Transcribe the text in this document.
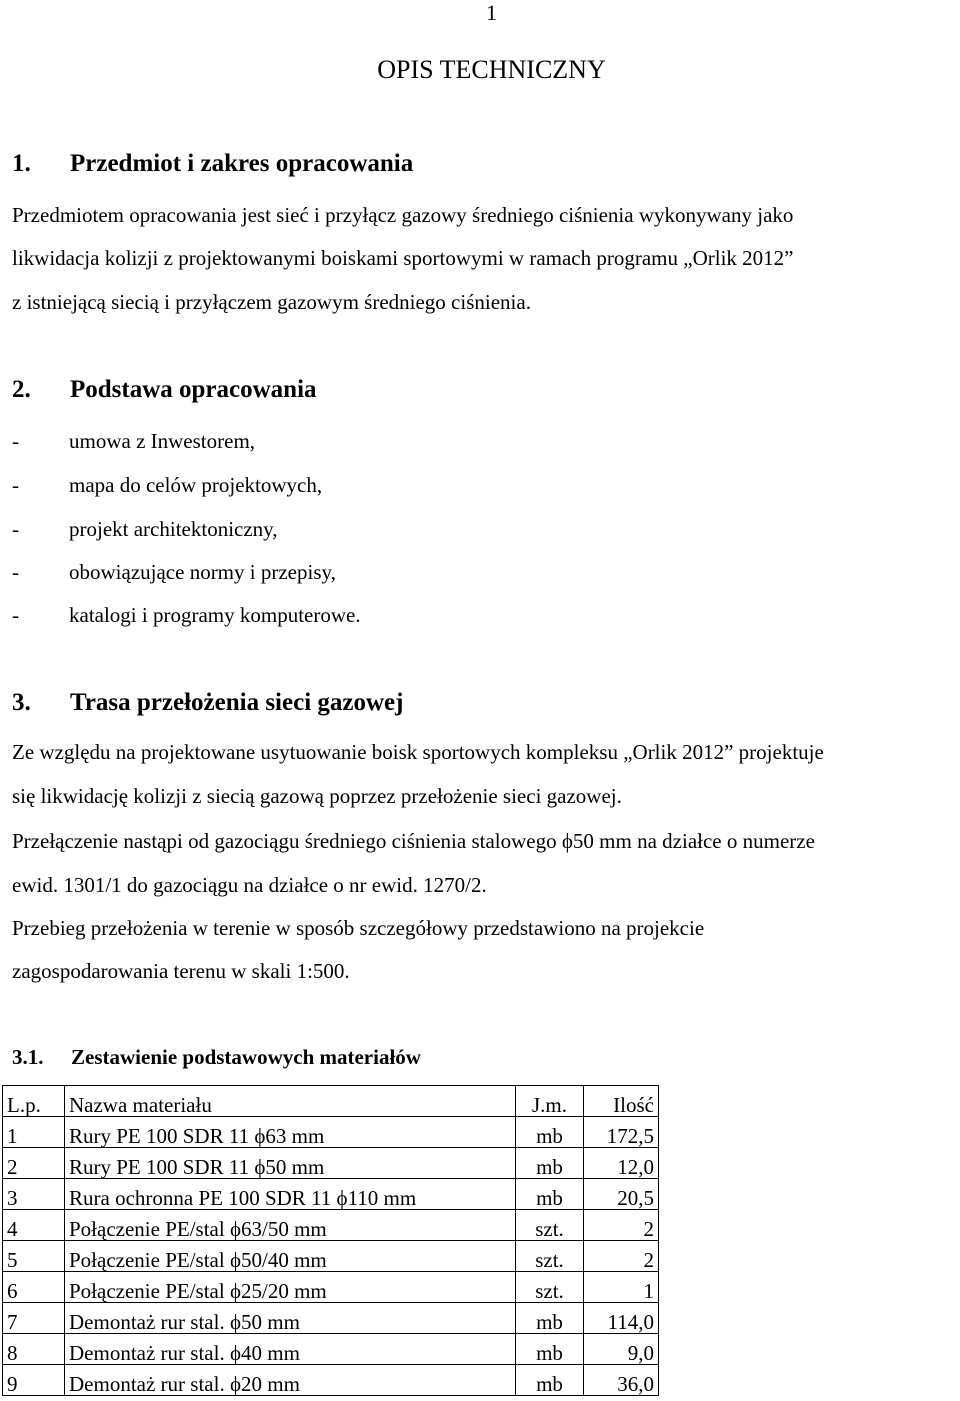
1
OPIS TECHNICZNY
1. Przedmiot i zakres opracowania
Przedmiotem opracowania jest sieć i przyłącz gazowy średniego ciśnienia wykonywany jako
likwidacja kolizji z projektowanymi boiskami sportowymi w ramach programu „Orlik 2012”
z istniejącą siecią i przyłączem gazowym średniego ciśnienia.
2. Podstawa opracowania
- umowa z Inwestorem,
- mapa do celów projektowych,
- projekt architektoniczny,
- obowiązujące normy i przepisy,
- katalogi i programy komputerowe.
3. Trasa przełożenia sieci gazowej
Ze względu na projektowane usytuowanie boisk sportowych kompleksu „Orlik 2012” projektuje
się likwidację kolizji z siecią gazową poprzez przełożenie sieci gazowej.
Przełączenie nastąpi od gazociągu średniego ciśnienia stalowego ϕ50 mm na działce o numerze
ewid. 1301/1 do gazociągu na działce o nr ewid. 1270/2.
Przebieg przełożenia w terenie w sposób szczegółowy przedstawiono na projekcie
zagospodarowania terenu w skali 1:500.
3.1. Zestawienie podstawowych materiałów
L.p.	Nazwa materiału	J.m.	Ilość
1	Rury PE 100 SDR 11 ϕ63 mm	mb	172,5
2	Rury PE 100 SDR 11 ϕ50 mm	mb	12,0
3	Rura ochronna PE 100 SDR 11 ϕ110 mm	mb	20,5
4	Połączenie PE/stal ϕ63/50 mm	szt.	2
5	Połączenie PE/stal ϕ50/40 mm	szt.	2
6	Połączenie PE/stal ϕ25/20 mm	szt.	1
7	Demontaż rur stal. ϕ50 mm	mb	114,0
8	Demontaż rur stal. ϕ40 mm	mb	9,0
9	Demontaż rur stal. ϕ20 mm	mb	36,0
